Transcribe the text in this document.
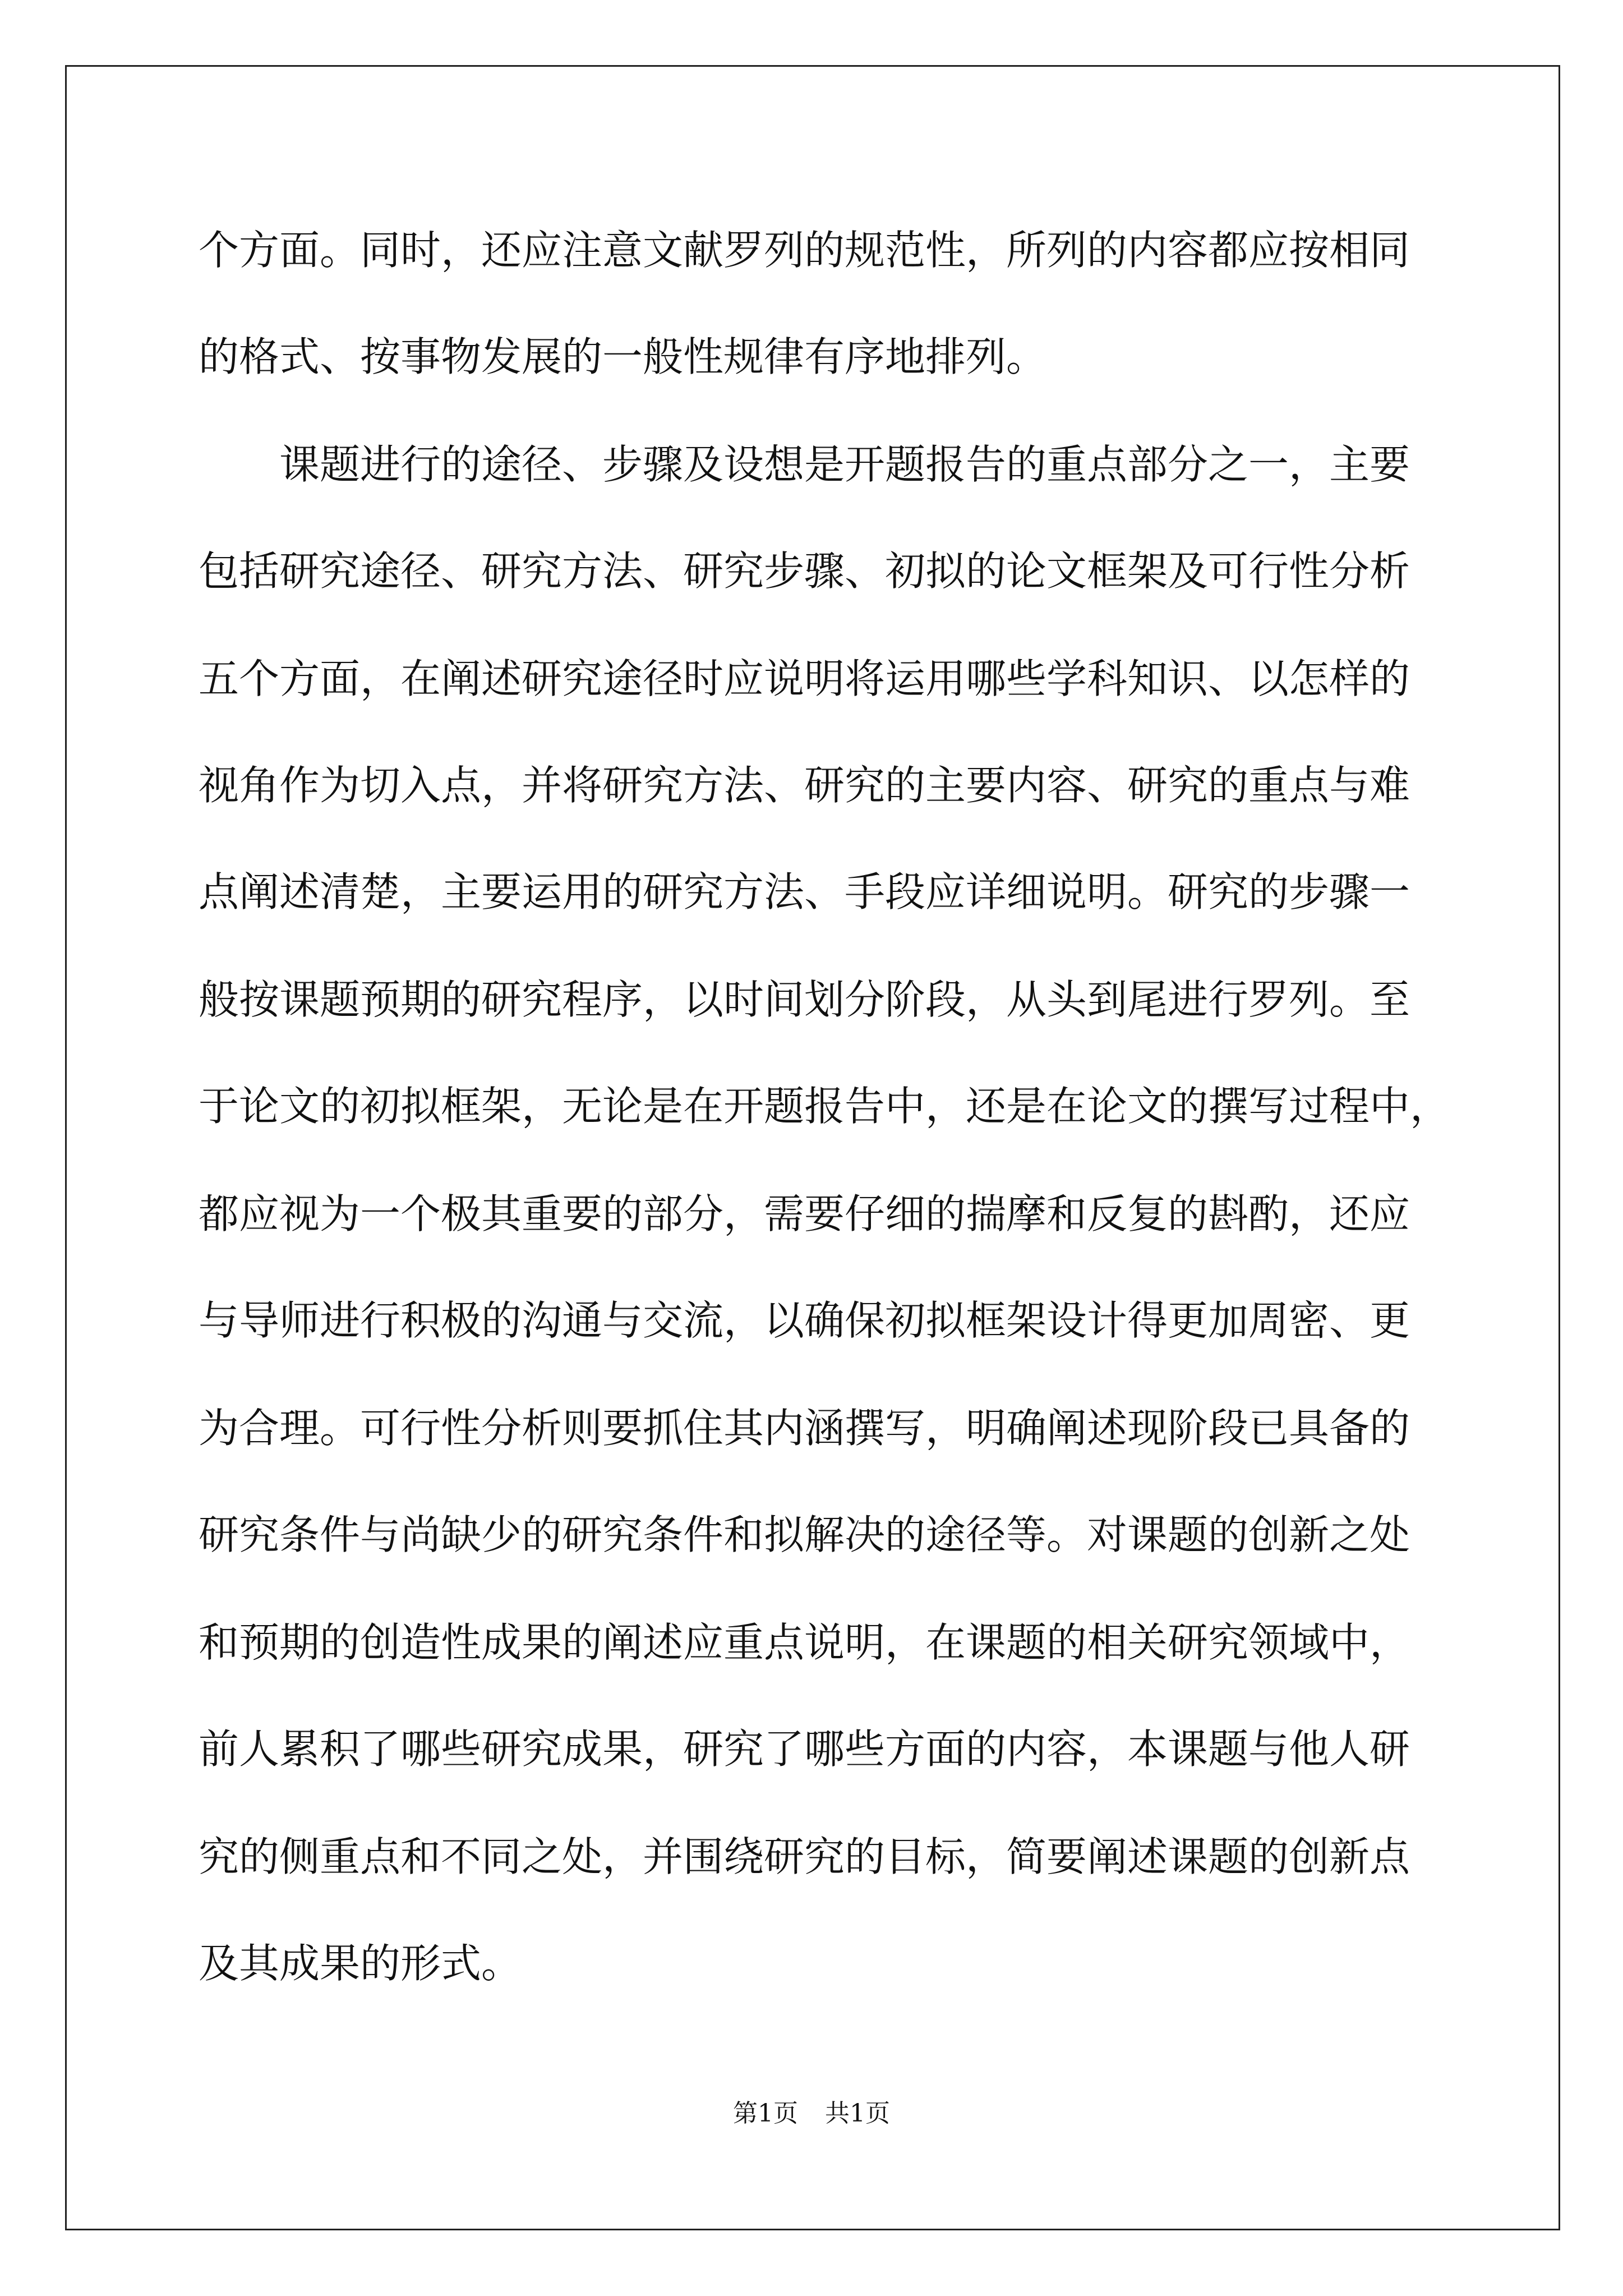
个方面。同时，还应注意文献罗列的规范性，所列的内容都应按相同
的格式、按事物发展的一般性规律有序地排列。
课题进行的途径、步骤及设想是开题报告的重点部分之一，主要
包括研究途径、研究方法、研究步骤、初拟的论文框架及可行性分析
五个方面，在阐述研究途径时应说明将运用哪些学科知识、以怎样的
视角作为切入点，并将研究方法、研究的主要内容、研究的重点与难
点阐述清楚，主要运用的研究方法、手段应详细说明。研究的步骤一
般按课题预期的研究程序，以时间划分阶段，从头到尾进行罗列。至
于论文的初拟框架，无论是在开题报告中，还是在论文的撰写过程中，
都应视为一个极其重要的部分，需要仔细的揣摩和反复的斟酌，还应
与导师进行积极的沟通与交流，以确保初拟框架设计得更加周密、更
为合理。可行性分析则要抓住其内涵撰写，明确阐述现阶段已具备的
研究条件与尚缺少的研究条件和拟解决的途径等。对课题的创新之处
和预期的创造性成果的阐述应重点说明，在课题的相关研究领域中，
前人累积了哪些研究成果，研究了哪些方面的内容，本课题与他人研
究的侧重点和不同之处，并围绕研究的目标，简要阐述课题的创新点
及其成果的形式。
第1页 共1页
